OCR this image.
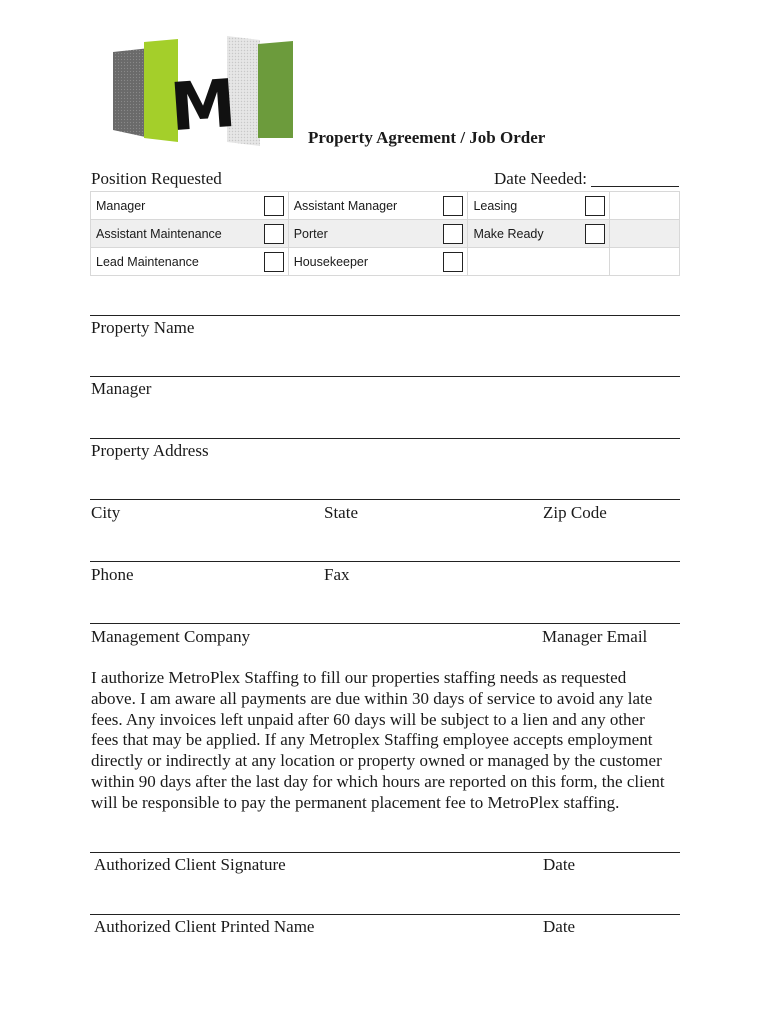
M	Property Agreement / Job Order
Position Requested	Date Needed:
Manager	Assistant Manager	Leasing	

Assistant Maintenance	Porter	Make Ready	

Lead Maintenance	Housekeeper		

Property Name
Manager
Property Address
City	State	Zip Code
Phone	Fax
Management Company	Manager Email
I authorize MetroPlex Staffing to fill our properties staffing needs as requested
above. I am aware all payments are due within 30 days of service to avoid any late
fees. Any invoices left unpaid after 60 days will be subject to a lien and any other
fees that may be applied. If any Metroplex Staffing employee accepts employment
directly or indirectly at any location or property owned or managed by the customer
within 90 days after the last day for which hours are reported on this form, the client
will be responsible to pay the permanent placement fee to MetroPlex staffing.
Authorized Client Signature	Date
Authorized Client Printed Name	Date
